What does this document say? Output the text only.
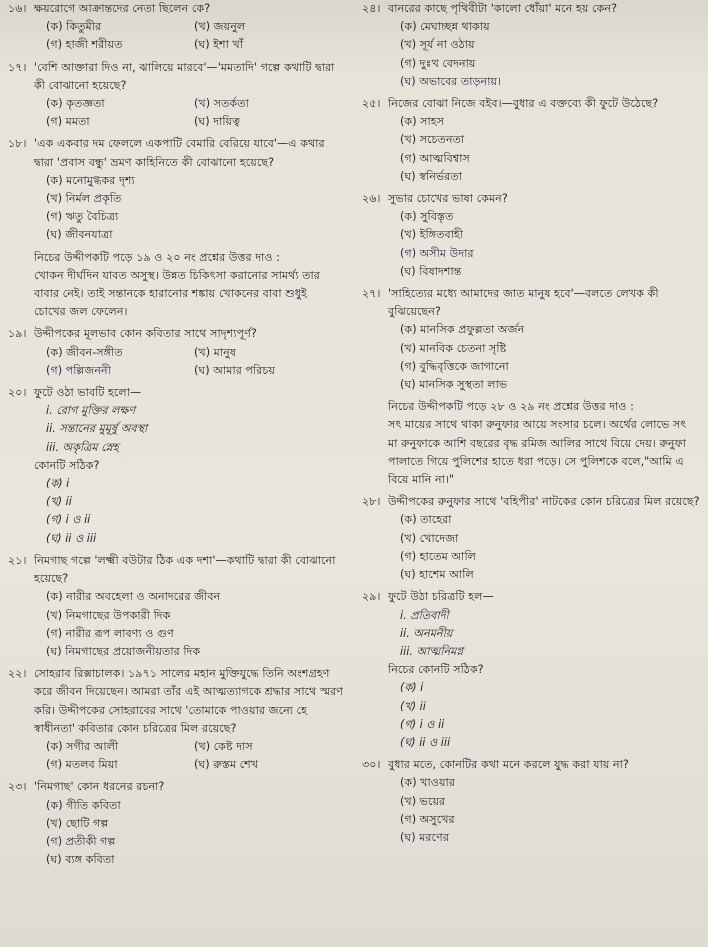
১৬। ক্ষয়রোগে আক্রান্তদের নেতা ছিলেন কে?
(ক) কিতুমীর	(খ) জয়নুল
(গ) হাজী শরীয়ত	(ঘ) ইশা খাঁ
১৭। 'বেশি আক্তারা দিও না, ঝালিয়ে মারবে'—'মমতাদি' গল্পে কথাটি দ্বারা কী বোঝানো হয়েছে?
(ক) কৃতজ্ঞতা	(খ) সতর্কতা
(গ) মমতা	(ঘ) দায়িত্ব
১৮। 'এক একবার দম ফেললে একপাটি বেমারি বেরিয়ে যাবে'—এ কথার দ্বারা 'প্রবাস বন্ধু' ভ্রমণ কাহিনিতে কী বোঝানো হয়েছে?
(ক) মনোমুগ্ধকর দৃশ্য
(খ) নির্মল প্রকৃতি
(গ) ঋতু বৈচিত্র্য
(ঘ) জীবনযাত্রা
নিচের উদ্দীপকটি পড়ে ১৯ ও ২০ নং প্রশ্নের উত্তর দাও :
খোকন দীর্ঘদিন যাবত অসুস্থ। উন্নত চিকিৎসা করানোর সামর্থ্য তার বাবার নেই। তাই সন্তানকে হারানোর শঙ্কায় খোকনের বাবা শুধুই চোখের জল ফেলেন।
১৯। উদ্দীপকের মূলভাব কোন কবিতার সাথে সাদৃশ্যপূর্ণ?
(ক) জীবন-সঙ্গীত	(খ) মানুষ
(গ) পল্লিজননী	(ঘ) আমার পরিচয়
২০। ফুটে ওঠা ভাবটি হলো—
i. রোগ মুক্তির লক্ষণ
ii. সন্তানের মুমূর্ষু অবস্থা
iii. অকৃত্রিম স্নেহ
কোনটি সঠিক?
(ক) i
(খ) ii
(গ) i ও ii
(ঘ) ii ও iii
২১। নিমগাছ গল্পে 'লক্ষ্মী বউটার ঠিক এক দশা'—কথাটি দ্বারা কী বোঝানো হয়েছে?
(ক) নারীর অবহেলা ও অনাদরের জীবন
(খ) নিমগাছের উপকারী দিক
(গ) নারীর রূপ লাবণ্য ও গুণ
(ঘ) নিমগাছের প্রয়োজনীয়তার দিক
২২। সোহরাব রিক্সাচালক। ১৯৭১ সালের মহান মুক্তিযুদ্ধে তিনি অংশগ্রহণ করে জীবন দিয়েছেন। আমরা তাঁর এই আত্মত্যাগকে শ্রদ্ধার সাথে স্মরণ করি। উদ্দীপকের সোহরাবের সাথে 'তোমাকে পাওয়ার জন্যে হে স্বাধীনতা' কবিতার কোন চরিত্রের মিল রয়েছে?
(ক) সগীর আলী	(খ) কেষ্ট দাস
(গ) মতলব মিয়া	(ঘ) রুস্তম শেখ
২৩। 'নিমগাছ' কোন ধরনের রচনা?
(ক) গীতি কবিতা
(খ) ছোটি গল্প
(গ) প্রতীকী গল্প
(ঘ) ব্যঙ্গ কবিতা
২৪। বানরের কাছে পৃথিবীটা 'কালো ধোঁয়া' মনে হয় কেন?
(ক) মেঘাচ্ছন্ন থাকায়
(খ) সূর্য না ওঠায়
(গ) দুঃখ বেদনায়
(ঘ) অভাবের তাড়নায়।
২৫। নিজের বোঝা নিজে বইব।—বুধার এ বক্তব্যে কী ফুটে উঠেছে?
(ক) সাহস
(খ) সচেতনতা
(গ) আত্মবিশ্বাস
(ঘ) স্বনির্ভরতা
২৬। সুভার চোখের ভাষা কেমন?
(ক) সুবিস্তৃত
(খ) ইঙ্গিতবাহী
(গ) অসীম উদার
(ঘ) বিষাদশান্ত
২৭। 'সাহিত্যের মধ্যে আমাদের জাত মানুষ হবে'—বলতে লেখক কী বুঝিয়েছেন?
(ক) মানসিক প্রফুল্লতা অর্জন
(খ) মানবিক চেতনা সৃষ্টি
(গ) বুদ্ধিবৃত্তিকে জাগানো
(ঘ) মানসিক সুস্থতা লাভ
নিচের উদ্দীপকটি পড়ে ২৮ ও ২৯ নং প্রশ্নের উত্তর দাও :
সৎ মায়ের সাথে থাকা রুনুফার আয়ে সংসার চলে। অর্থের লোভে সৎ মা রুনুফাকে আশি বছরের বৃদ্ধ রমিজ আলির সাথে বিয়ে দেয়। রুনুফা পালাতে গিয়ে পুলিশের হাতে ধরা পড়ে। সে পুলিশকে বলে,"আমি এ বিয়ে মানি না।"
২৮। উদ্দীপকের রুনুফার সাথে 'বহিপীর' নাটকের কোন চরিত্রের মিল রয়েছে?
(ক) তাহেরা
(খ) খোদেজা
(গ) হাতেম আলি
(ঘ) হাশেম আলি
২৯। ফুটে উঠা চরিত্রটি হল—
i. প্রতিবাদী
ii. অনমনীয়
iii. আত্মনিমগ্ন
নিচের কোনটি সঠিক?
(ক) i
(খ) ii
(গ) i ও ii
(ঘ) ii ও iii
৩০। বুধার মতে, কোনটির কথা মনে করলে যুদ্ধ করা যায় না?
(ক) খাওয়ার
(খ) ভয়ের
(গ) অসুখের
(ঘ) মরণের
